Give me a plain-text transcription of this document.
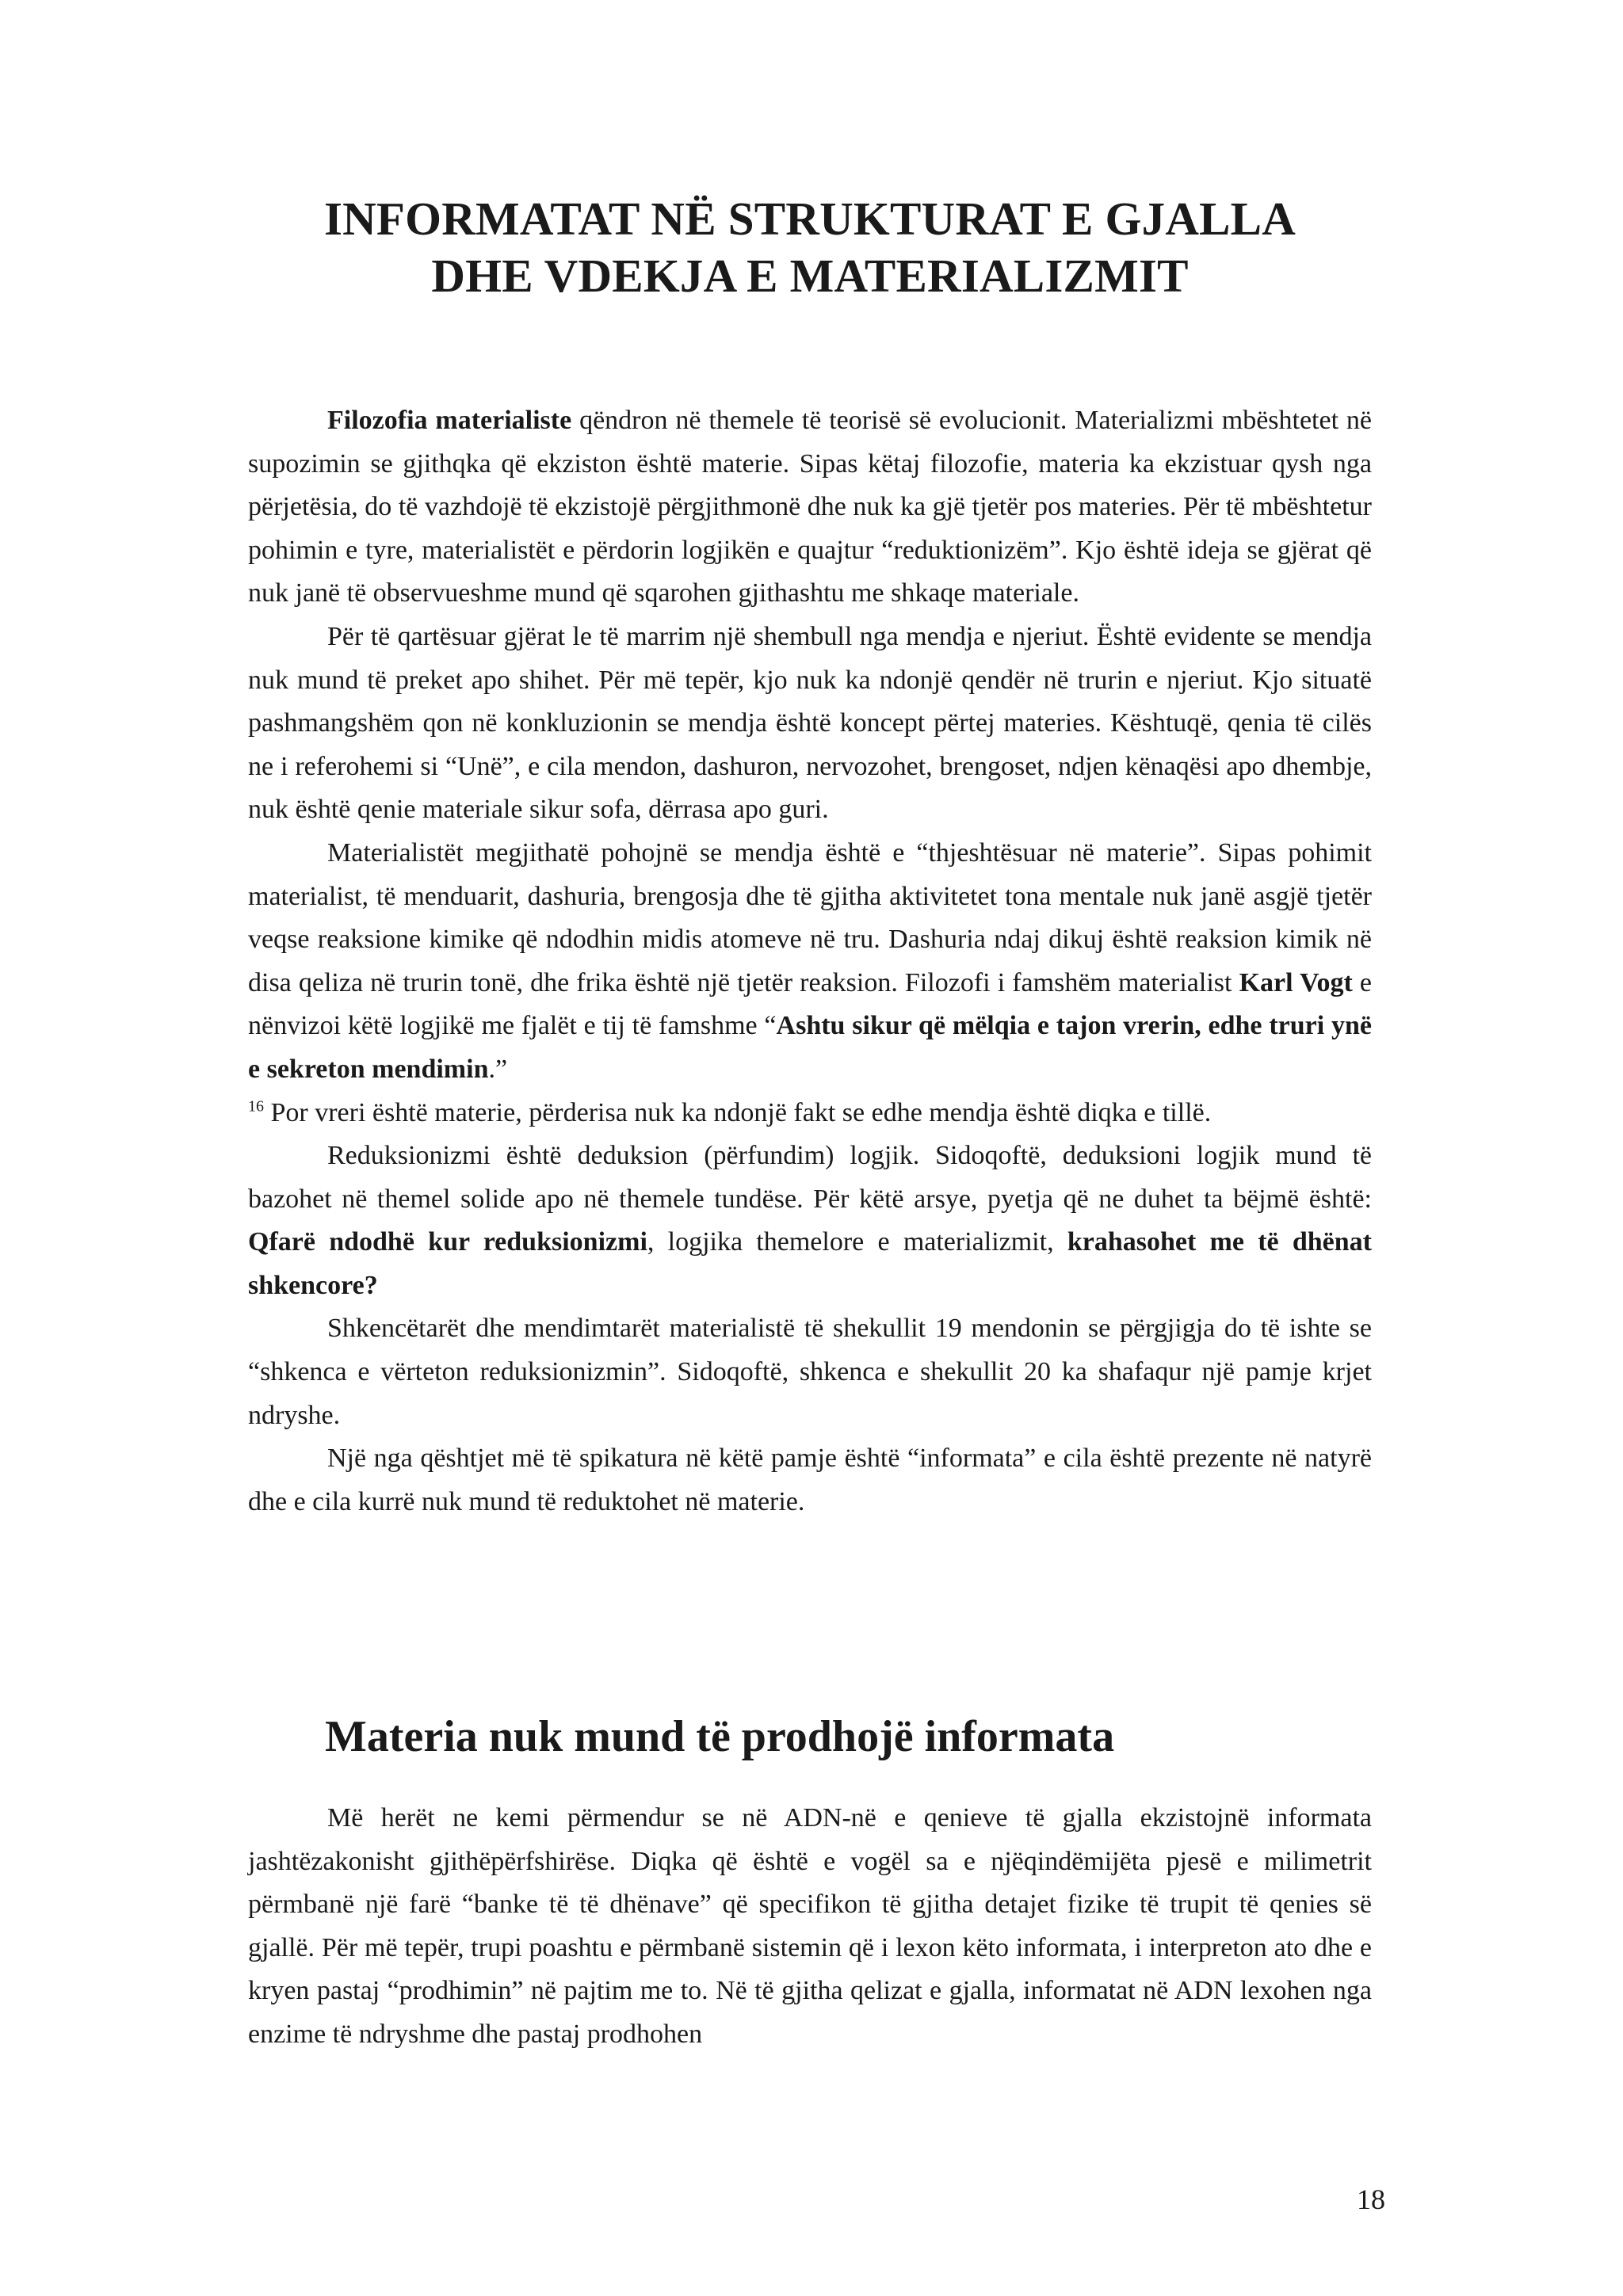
INFORMATAT NË STRUKTURAT E GJALLA
DHE VDEKJA E MATERIALIZMIT

Filozofia materialiste qëndron në themele të teorisë së evolucionit. Materializmi mbështetet në supozimin se gjithqka që ekziston është materie. Sipas këtaj filozofie, materia ka ekzistuar qysh nga përjetësia, do të vazhdojë të ekzistojë përgjithmonë dhe nuk ka gjë tjetër pos materies. Për të mbështetur pohimin e tyre, materialistët e përdorin logjikën e quajtur “reduktionizëm”. Kjo është ideja se gjërat që nuk janë të observueshme mund që sqarohen gjithashtu me shkaqe materiale.

Për të qartësuar gjërat le të marrim një shembull nga mendja e njeriut. Është evidente se mendja nuk mund të preket apo shihet. Për më tepër, kjo nuk ka ndonjë qendër në trurin e njeriut. Kjo situatë pashmangshëm qon në konkluzionin se mendja është koncept përtej materies. Kështuqë, qenia të cilës ne i referohemi si “Unë”, e cila mendon, dashuron, nervozohet, brengoset, ndjen kënaqësi apo dhembje, nuk është qenie materiale sikur sofa, dërrasa apo guri.

Materialistët megjithatë pohojnë se mendja është e “thjeshtësuar në materie”. Sipas pohimit materialist, të menduarit, dashuria, brengosja dhe të gjitha aktivitetet tona mentale nuk janë asgjë tjetër veqse reaksione kimike që ndodhin midis atomeve në tru. Dashuria ndaj dikuj është reaksion kimik në disa qeliza në trurin tonë, dhe frika është një tjetër reaksion. Filozofi i famshëm materialist Karl Vogt e nënvizoi këtë logjikë me fjalët e tij të famshme “Ashtu sikur që mëlqia e tajon vrerin, edhe truri ynë e sekreton mendimin.”
$^{16}$ Por vreri është materie, përderisa nuk ka ndonjë fakt se edhe mendja është diqka e tillë.

Reduksionizmi është deduksion (përfundim) logjik. Sidoqoftë, deduksioni logjik mund të bazohet në themel solide apo në themele tundëse. Për këtë arsye, pyetja që ne duhet ta bëjmë është: Qfarë ndodhë kur reduksionizmi, logjika themelore e materializmit, krahasohet me të dhënat shkencore?

Shkencëtarët dhe mendimtarët materialistë të shekullit 19 mendonin se përgjigja do të ishte se “shkenca e vërteton reduksionizmin”. Sidoqoftë, shkenca e shekullit 20 ka shafaqur një pamje krjet ndryshe.

Një nga qështjet më të spikatura në këtë pamje është “informata” e cila është prezente në natyrë dhe e cila kurrë nuk mund të reduktohet në materie.

Materia nuk mund të prodhojë informata

Më herët ne kemi përmendur se në ADN-në e qenieve të gjalla ekzistojnë informata jashtëzakonisht gjithëpërfshirëse. Diqka që është e vogël sa e njëqindëmijëta pjesë e milimetrit përmbanë një farë “banke të të dhënave” që specifikon të gjitha detajet fizike të trupit të qenies së gjallë. Për më tepër, trupi poashtu e përmbanë sistemin që i lexon këto informata, i interpreton ato dhe e kryen pastaj “prodhimin” në pajtim me to. Në të gjitha qelizat e gjalla, informatat në ADN lexohen nga enzime të ndryshme dhe pastaj prodhohen

18
